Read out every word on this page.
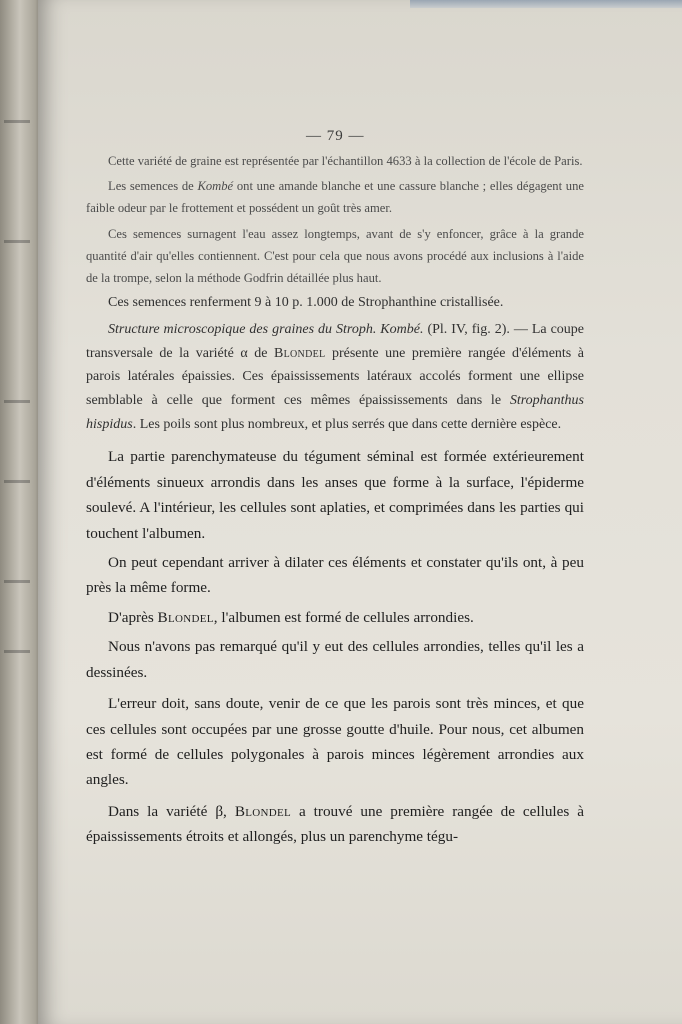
— 79 —

Cette variété de graine est représentée par l'échantillon 4633 à la collection de l'école de Paris.

Les semences de Kombé ont une amande blanche et une cassure blanche ; elles dégagent une faible odeur par le frottement et possédent un goût très amer.

Ces semences surnagent l'eau assez longtemps, avant de s'y enfoncer, grâce à la grande quantité d'air qu'elles contiennent. C'est pour cela que nous avons procédé aux inclusions à l'aide de la trompe, selon la méthode Godfrin détaillée plus haut.

Ces semences renferment 9 à 10 p. 1.000 de Strophanthine cristallisée.

Structure microscopique des graines du Stroph. Kombé. (Pl. IV, fig. 2). — La coupe transversale de la variété α de Blondel présente une première rangée d'éléments à parois latérales épaissies. Ces épaississements latéraux accolés forment une ellipse semblable à celle que forment ces mêmes épaississements dans le Strophanthus hispidus. Les poils sont plus nombreux, et plus serrés que dans cette dernière espèce.

La partie parenchymateuse du tégument séminal est formée extérieurement d'éléments sinueux arrondis dans les anses que forme à la surface, l'épiderme soulevé. A l'intérieur, les cellules sont aplaties, et comprimées dans les parties qui touchent l'albumen.

On peut cependant arriver à dilater ces éléments et constater qu'ils ont, à peu près la même forme.

D'après Blondel, l'albumen est formé de cellules arrondies.

Nous n'avons pas remarqué qu'il y eut des cellules arrondies, telles qu'il les a dessinées.

L'erreur doit, sans doute, venir de ce que les parois sont très minces, et que ces cellules sont occupées par une grosse goutte d'huile. Pour nous, cet albumen est formé de cellules polygonales à parois minces légèrement arrondies aux angles.

Dans la variété β, Blondel a trouvé une première rangée de cellules à épaississements étroits et allongés, plus un parenchyme tégu-
